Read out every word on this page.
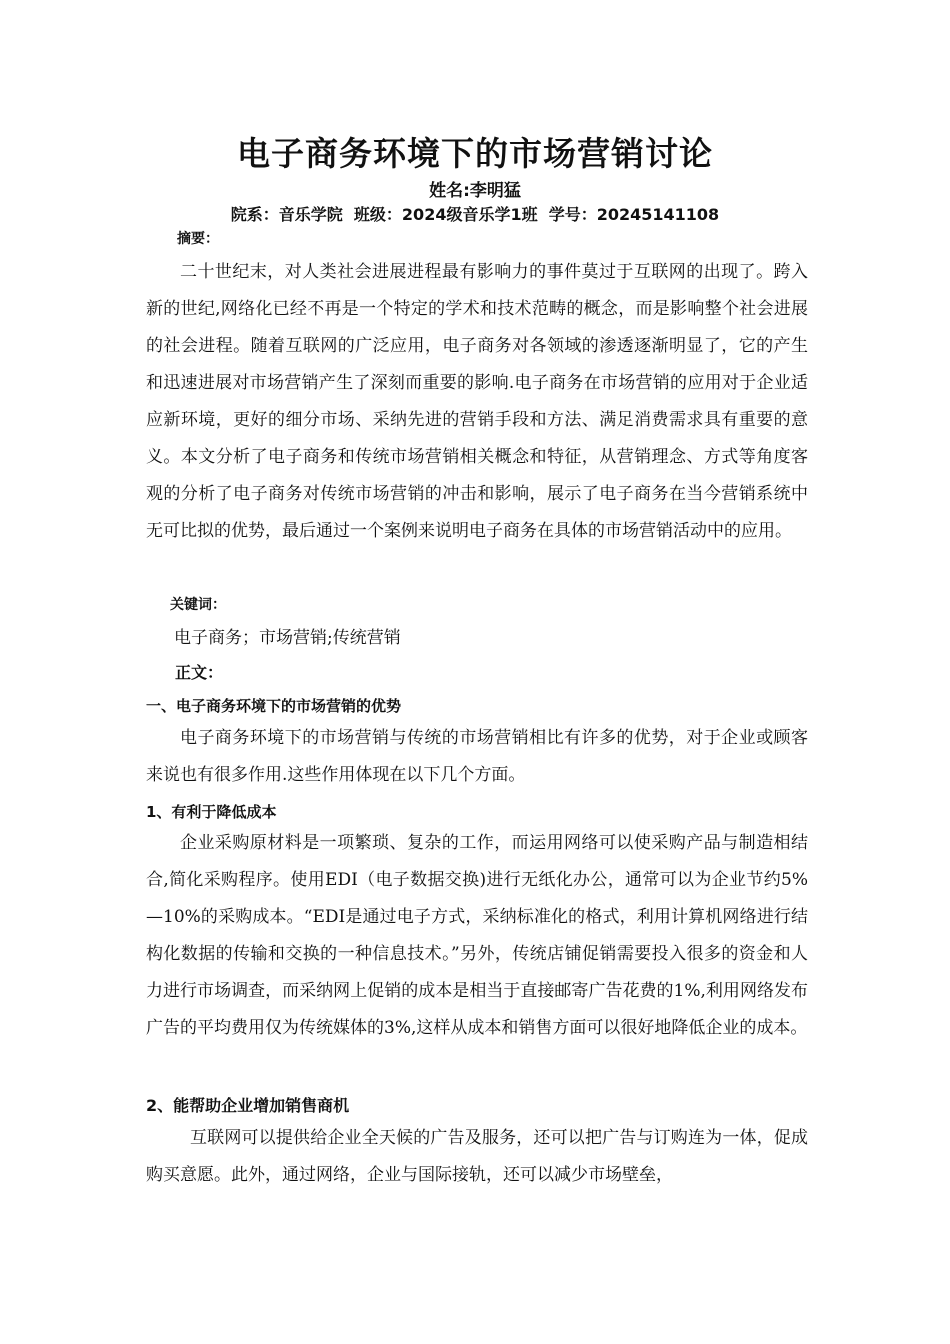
电子商务环境下的市场营销讨论
姓名:李明猛
院系：音乐学院  班级：2024级音乐学1班  学号：20245141108
摘要：

二十世纪末，对人类社会进展进程最有影响力的事件莫过于互联网的出现了。跨入新的世纪,网络化已经不再是一个特定的学术和技术范畴的概念，而是影响整个社会进展的社会进程。随着互联网的广泛应用，电子商务对各领域的渗透逐渐明显了，它的产生和迅速进展对市场营销产生了深刻而重要的影响.电子商务在市场营销的应用对于企业适应新环境，更好的细分市场、采纳先进的营销手段和方法、满足消费需求具有重要的意义。本文分析了电子商务和传统市场营销相关概念和特征，从营销理念、方式等角度客观的分析了电子商务对传统市场营销的冲击和影响，展示了电子商务在当今营销系统中无可比拟的优势，最后通过一个案例来说明电子商务在具体的市场营销活动中的应用。

关键词：
电子商务；市场营销;传统营销
正文：
一、电子商务环境下的市场营销的优势

电子商务环境下的市场营销与传统的市场营销相比有许多的优势，对于企业或顾客来说也有很多作用.这些作用体现在以下几个方面。

1、有利于降低成本

企业采购原材料是一项繁琐、复杂的工作，而运用网络可以使采购产品与制造相结合,简化采购程序。使用EDI（电子数据交换)进行无纸化办公，通常可以为企业节约5%—10%的采购成本。“EDI是通过电子方式，采纳标准化的格式，利用计算机网络进行结构化数据的传输和交换的一种信息技术。”另外，传统店铺促销需要投入很多的资金和人力进行市场调查，而采纳网上促销的成本是相当于直接邮寄广告花费的1%,利用网络发布广告的平均费用仅为传统媒体的3%,这样从成本和销售方面可以很好地降低企业的成本。

2、能帮助企业增加销售商机

互联网可以提供给企业全天候的广告及服务，还可以把广告与订购连为一体，促成购买意愿。此外，通过网络，企业与国际接轨，还可以减少市场壁垒，
